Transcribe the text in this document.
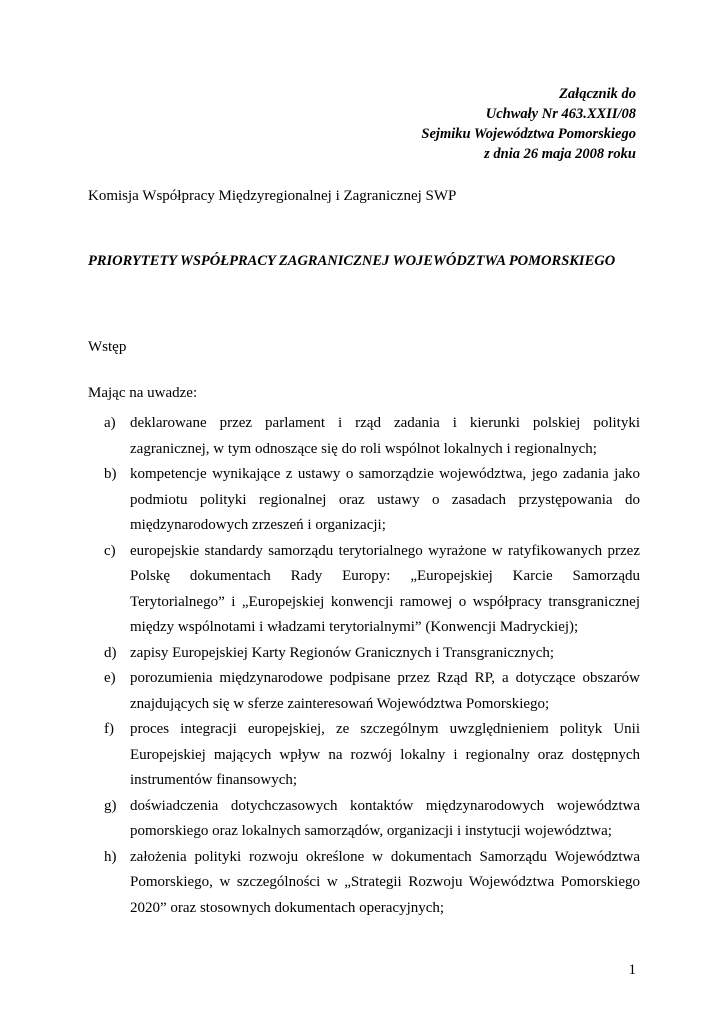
Załącznik do
Uchwały Nr 463.XXII/08
Sejmiku Województwa Pomorskiego
z dnia 26 maja 2008 roku
Komisja Współpracy Międzyregionalnej i Zagranicznej SWP
PRIORYTETY WSPÓŁPRACY ZAGRANICZNEJ WOJEWÓDZTWA POMORSKIEGO
Wstęp
Mając na uwadze:
a) deklarowane przez parlament i rząd zadania i kierunki polskiej polityki zagranicznej, w tym odnoszące się do roli wspólnot lokalnych i regionalnych;
b) kompetencje wynikające z ustawy o samorządzie województwa, jego zadania jako podmiotu polityki regionalnej oraz ustawy o zasadach przystępowania do międzynarodowych zrzeszeń i organizacji;
c) europejskie standardy samorządu terytorialnego wyrażone w ratyfikowanych przez Polskę dokumentach Rady Europy: „Europejskiej Karcie Samorządu Terytorialnego” i „Europejskiej konwencji ramowej o współpracy transgranicznej między wspólnotami i władzami terytorialnymi” (Konwencji Madryckiej);
d) zapisy Europejskiej Karty Regionów Granicznych i Transgranicznych;
e) porozumienia międzynarodowe podpisane przez Rząd RP, a dotyczące obszarów znajdujących się w sferze zainteresowań Województwa Pomorskiego;
f) proces integracji europejskiej, ze szczególnym uwzględnieniem polityk Unii Europejskiej mających wpływ na rozwój lokalny i regionalny oraz dostępnych instrumentów finansowych;
g) doświadczenia dotychczasowych kontaktów międzynarodowych województwa pomorskiego oraz lokalnych samorządów, organizacji i instytucji województwa;
h) założenia polityki rozwoju określone w dokumentach Samorządu Województwa Pomorskiego, w szczególności w „Strategii Rozwoju Województwa Pomorskiego 2020” oraz stosownych dokumentach operacyjnych;
1
